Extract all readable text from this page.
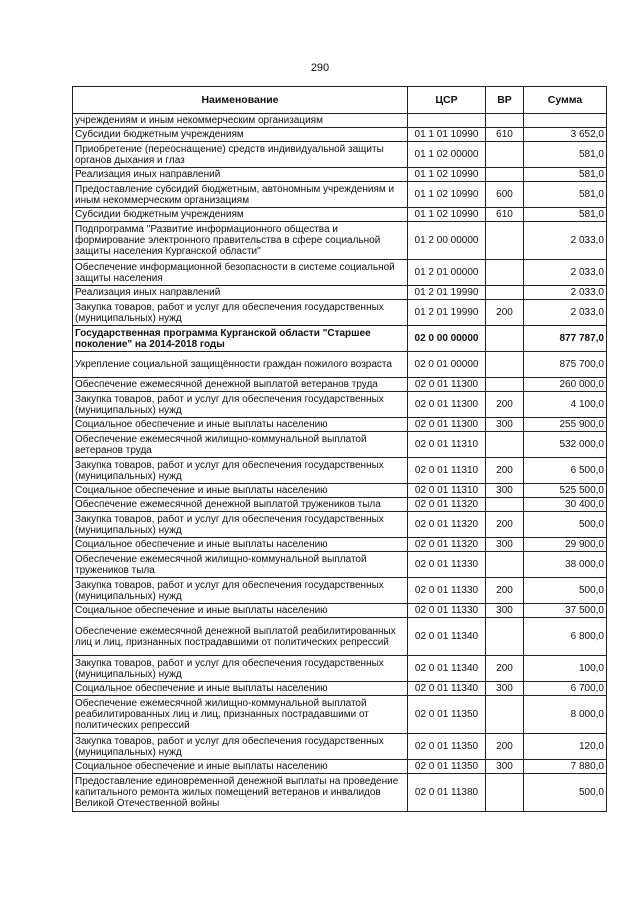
290
Наименование	ЦСР	ВР	Сумма
учреждениям и иным некоммерческим организациям			
Субсидии бюджетным учреждениям	01 1 01 10990	610	3 652,0
Приобретение (переоснащение) средств индивидуальной защиты органов дыхания и глаз	01 1 02 00000		581,0
Реализация иных направлений	01 1 02 10990		581,0
Предоставление субсидий бюджетным, автономным учреждениям и иным некоммерческим организациям	01 1 02 10990	600	581,0
Субсидии бюджетным учреждениям	01 1 02 10990	610	581,0
Подпрограмма "Развитие информационного общества и формирование электронного правительства в сфере социальной защиты населения Курганской области"	01 2 00 00000		2 033,0
Обеспечение информационной безопасности в системе социальной защиты населения	01 2 01 00000		2 033,0
Реализация иных направлений	01 2 01 19990		2 033,0
Закупка товаров, работ и услуг для обеспечения государственных (муниципальных) нужд	01 2 01 19990	200	2 033,0
Государственная программа Курганской области "Старшее поколение" на 2014-2018 годы	02 0 00 00000		877 787,0
Укрепление социальной защищённости граждан пожилого возраста	02 0 01 00000		875 700,0
Обеспечение ежемесячной денежной выплатой ветеранов труда	02 0 01 11300		260 000,0
Закупка товаров, работ и услуг для обеспечения государственных (муниципальных) нужд	02 0 01 11300	200	4 100,0
Социальное обеспечение и иные выплаты населению	02 0 01 11300	300	255 900,0
Обеспечение ежемесячной жилищно-коммунальной выплатой ветеранов труда	02 0 01 11310		532 000,0
Закупка товаров, работ и услуг для обеспечения государственных (муниципальных) нужд	02 0 01 11310	200	6 500,0
Социальное обеспечение и иные выплаты населению	02 0 01 11310	300	525 500,0
Обеспечение ежемесячной денежной выплатой тружеников тыла	02 0 01 11320		30 400,0
Закупка товаров, работ и услуг для обеспечения государственных (муниципальных) нужд	02 0 01 11320	200	500,0
Социальное обеспечение и иные выплаты населению	02 0 01 11320	300	29 900,0
Обеспечение ежемесячной жилищно-коммунальной выплатой тружеников тыла	02 0 01 11330		38 000,0
Закупка товаров, работ и услуг для обеспечения государственных (муниципальных) нужд	02 0 01 11330	200	500,0
Социальное обеспечение и иные выплаты населению	02 0 01 11330	300	37 500,0
Обеспечение ежемесячной денежной выплатой реабилитированных лиц и лиц, признанных пострадавшими от политических репрессий	02 0 01 11340		6 800,0
Закупка товаров, работ и услуг для обеспечения государственных (муниципальных) нужд	02 0 01 11340	200	100,0
Социальное обеспечение и иные выплаты населению	02 0 01 11340	300	6 700,0
Обеспечение ежемесячной жилищно-коммунальной выплатой реабилитированных лиц и лиц, признанных пострадавшими от политических репрессий	02 0 01 11350		8 000,0
Закупка товаров, работ и услуг для обеспечения государственных (муниципальных) нужд	02 0 01 11350	200	120,0
Социальное обеспечение и иные выплаты населению	02 0 01 11350	300	7 880,0
Предоставление единовременной денежной выплаты на проведение капитального ремонта жилых помещений ветеранов и инвалидов Великой Отечественной войны	02 0 01 11380		500,0
